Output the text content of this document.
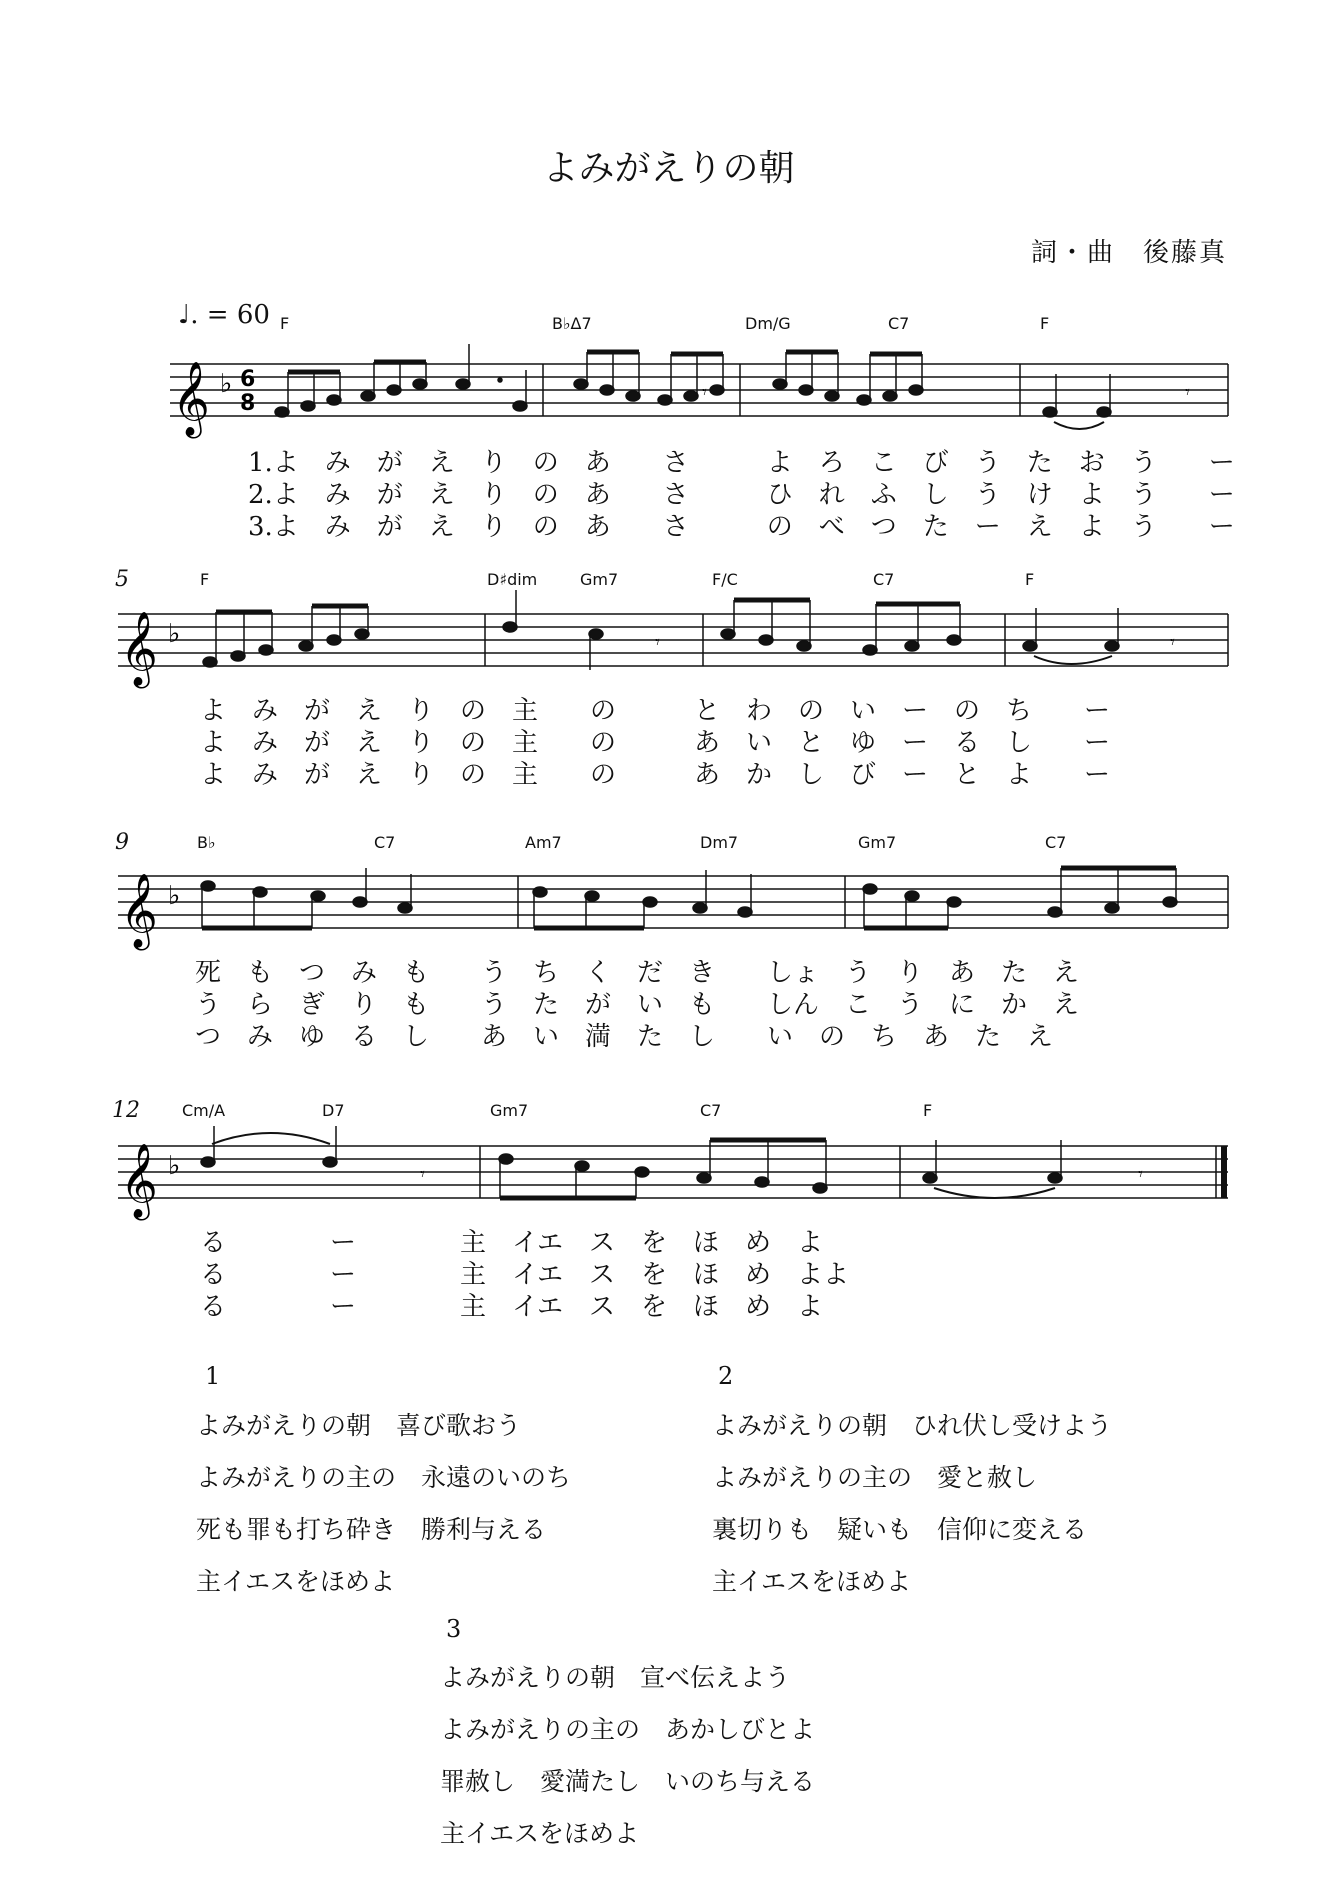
よみがえりの朝
詞・曲　後藤真
♩. = 60 F	B♭Δ7	Dm/G	C7	F
𝄞 ♭ 6
8	𝄾	𝄾
1.よ　み　が　え　り　の　あ　　さ　　　よ　ろ　こ　び　う　た　お　う　　ー
2.よ　み　が　え　り　の　あ　　さ　　　ひ　れ　ふ　し　う　け　よ　う　　ー
3.よ　み　が　え　り　の　あ　　さ　　　の　べ　つ　た　ー　え　よ　う　　ー
5	F	D♯dim	Gm7	F/C	C7	F
𝄞 ♭	𝄾	𝄾
よ　み　が　え　り　の　主　　の　　　と　わ　の　い　ー　の　ち　　ー
よ　み　が　え　り　の　主　　の　　　あ　い　と　ゆ　ー　る　し　　ー
よ　み　が　え　り　の　主　　の　　　あ　か　し　び　ー　と　よ　　ー
9	B♭	C7	Am7	Dm7	Gm7	C7
𝄞 ♭
死　も　つ　み　も　　う　ち　く　だ　き　　しょ　う　り　あ　た　え
う　ら　ぎ　り　も　　う　た　が　い　も　　しん　こ　う　に　か　え
つ　み　ゆ　る　し　　あ　い　満　た　し　　い　の　ち　あ　た　え
12	Cm/A	D7	Gm7	C7	F
𝄞 ♭	𝄾	𝄾
る　　　　ー　　　　主　イエ　ス　を　ほ　め　よ
る　　　　ー　　　　主　イエ　ス　を　ほ　め　よよ
る　　　　ー　　　　主　イエ　ス　を　ほ　め　よ
1
よみがえりの朝　喜び歌おう
よみがえりの主の　永遠のいのち
死も罪も打ち砕き　勝利与える
主イエスをほめよ
2
よみがえりの朝　ひれ伏し受けよう
よみがえりの主の　愛と赦し
裏切りも　疑いも　信仰に変える
主イエスをほめよ
3
よみがえりの朝　宣べ伝えよう
よみがえりの主の　あかしびとよ
罪赦し　愛満たし　いのち与える
主イエスをほめよ
